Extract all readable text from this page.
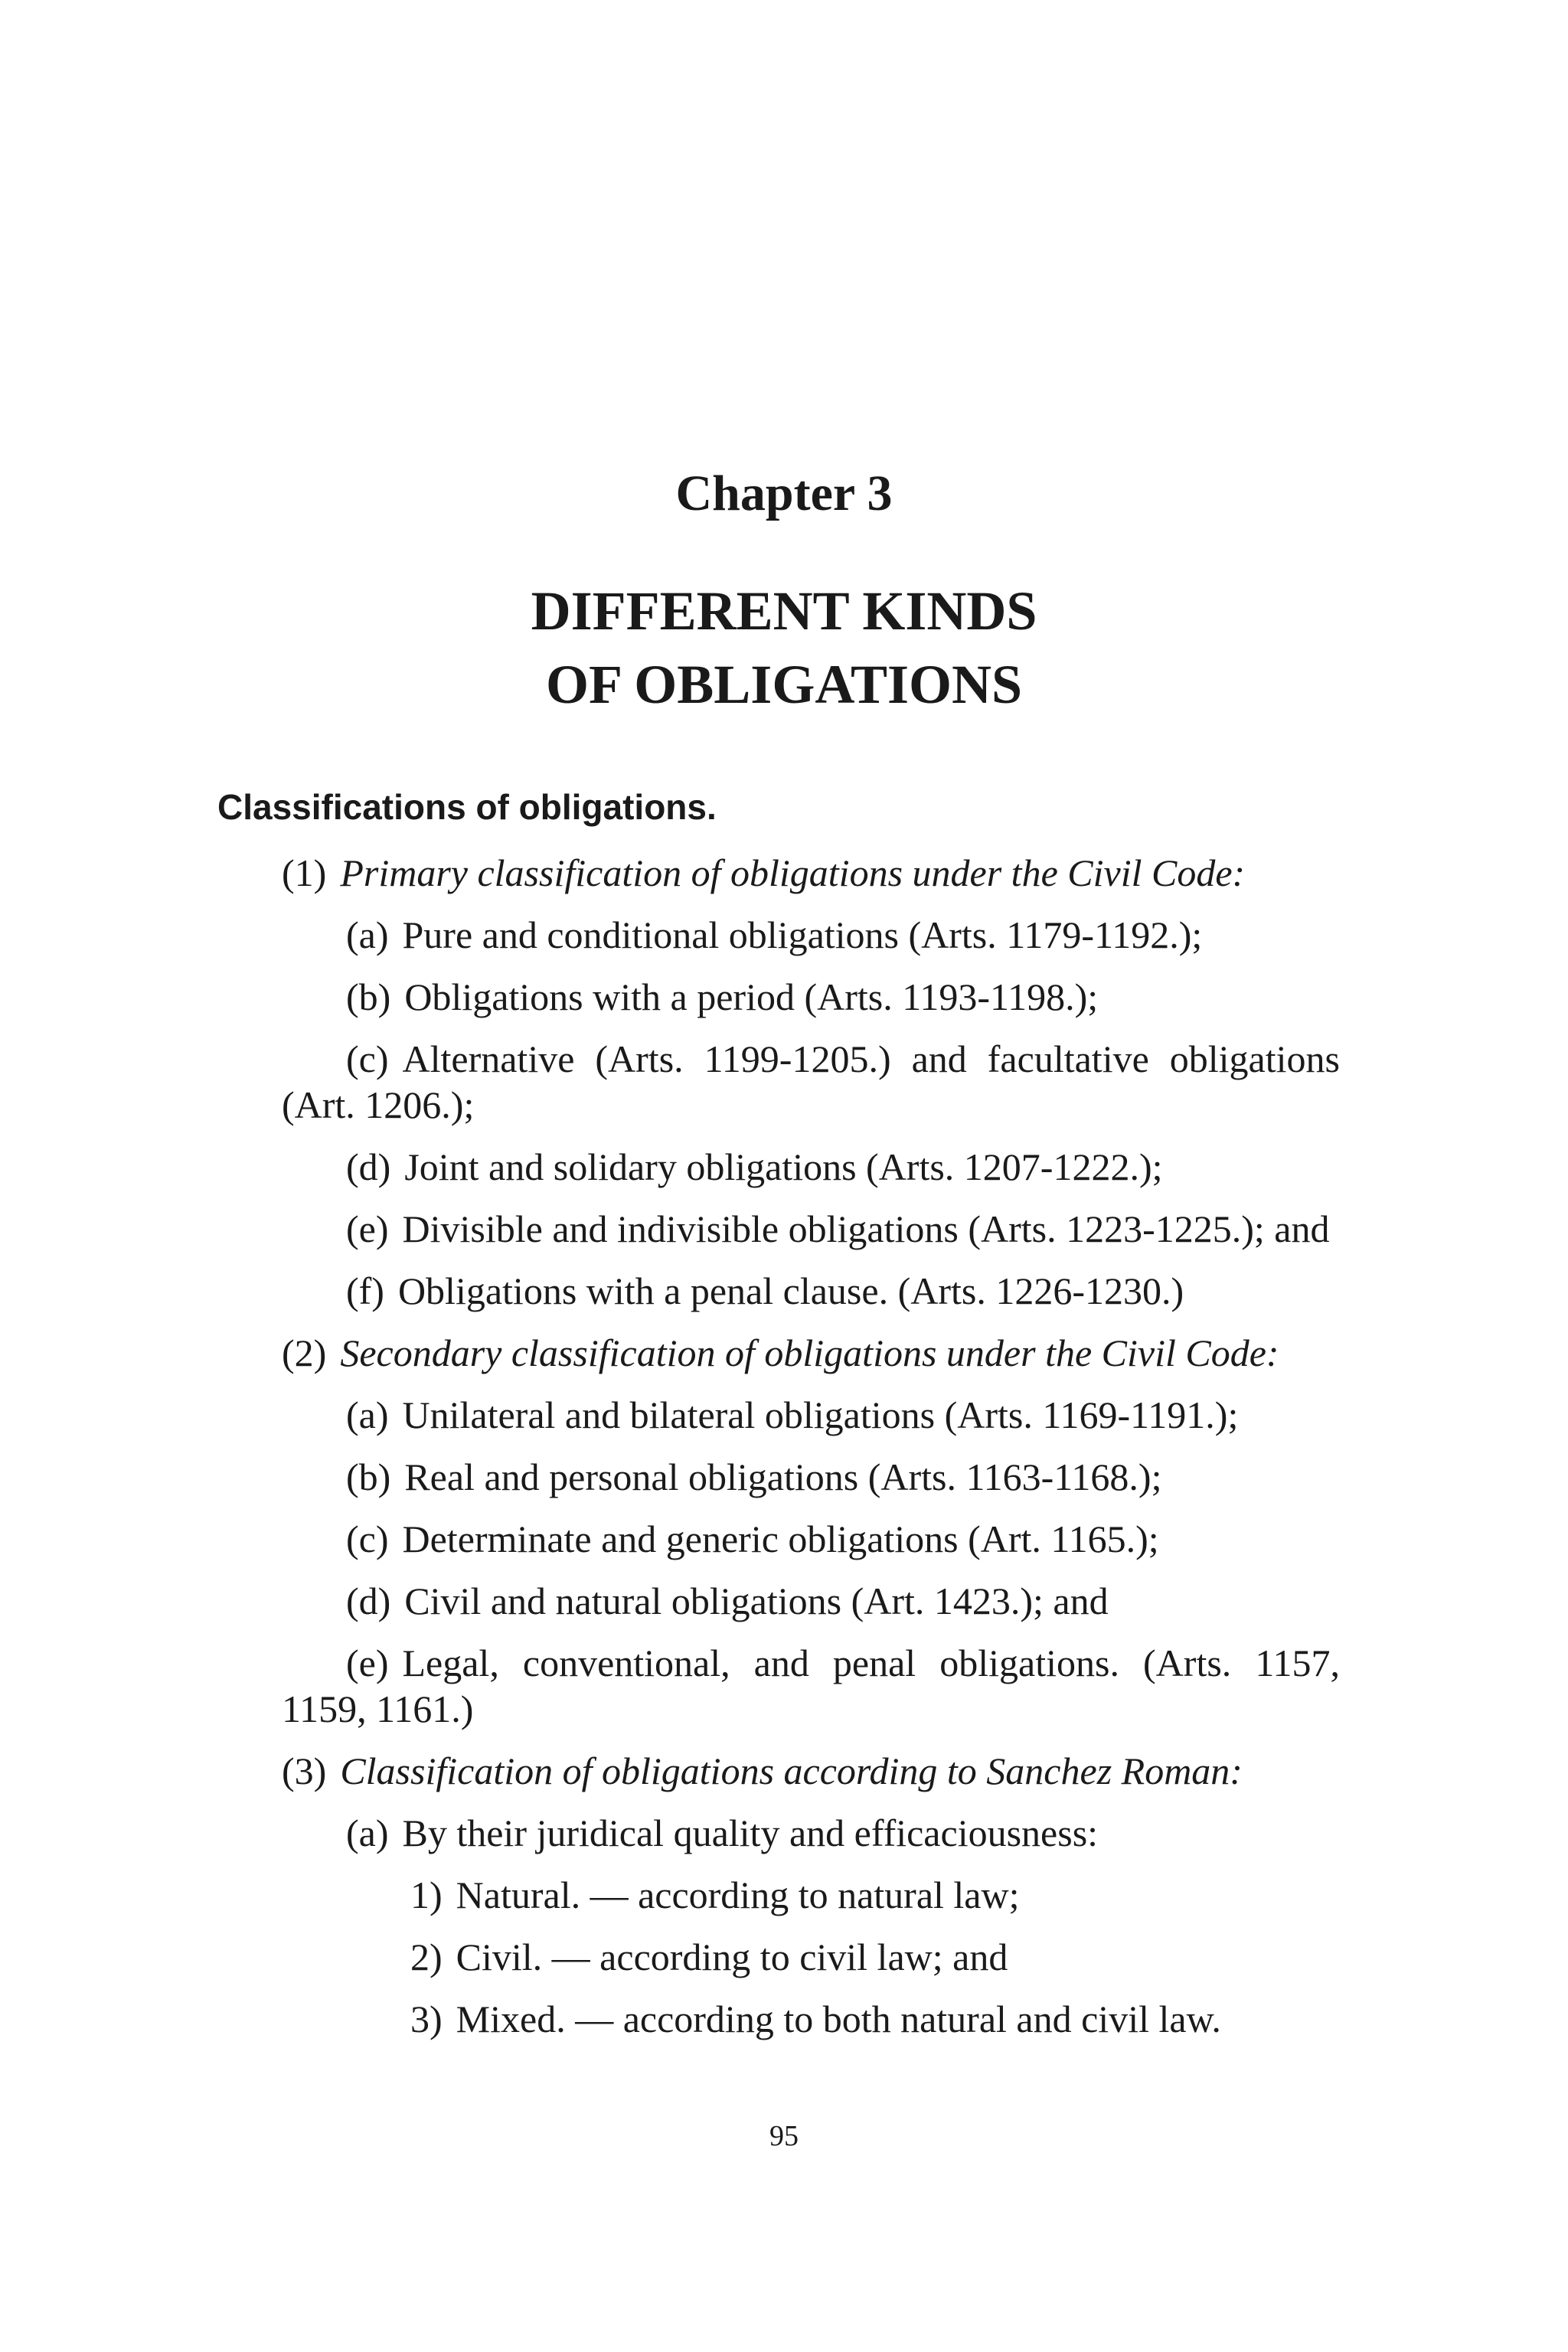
Chapter 3
DIFFERENT KINDS
OF OBLIGATIONS
Classifications of obligations.

(1) Primary classification of obligations under the Civil Code:

(a) Pure and conditional obligations (Arts. 1179-1192.);

(b) Obligations with a period (Arts. 1193-1198.);

(c) Alternative (Arts. 1199-1205.) and facultative obligations (Art. 1206.);

(d) Joint and solidary obligations (Arts. 1207-1222.);

(e) Divisible and indivisible obligations (Arts. 1223-1225.); and

(f) Obligations with a penal clause. (Arts. 1226-1230.)

(2) Secondary classification of obligations under the Civil Code:

(a) Unilateral and bilateral obligations (Arts. 1169-1191.);

(b) Real and personal obligations (Arts. 1163-1168.);

(c) Determinate and generic obligations (Art. 1165.);

(d) Civil and natural obligations (Art. 1423.); and

(e) Legal, conventional, and penal obligations. (Arts. 1157, 1159, 1161.)

(3) Classification of obligations according to Sanchez Roman:

(a) By their juridical quality and efficaciousness:

1) Natural. — according to natural law;

2) Civil. — according to civil law; and

3) Mixed. — according to both natural and civil law.

95
